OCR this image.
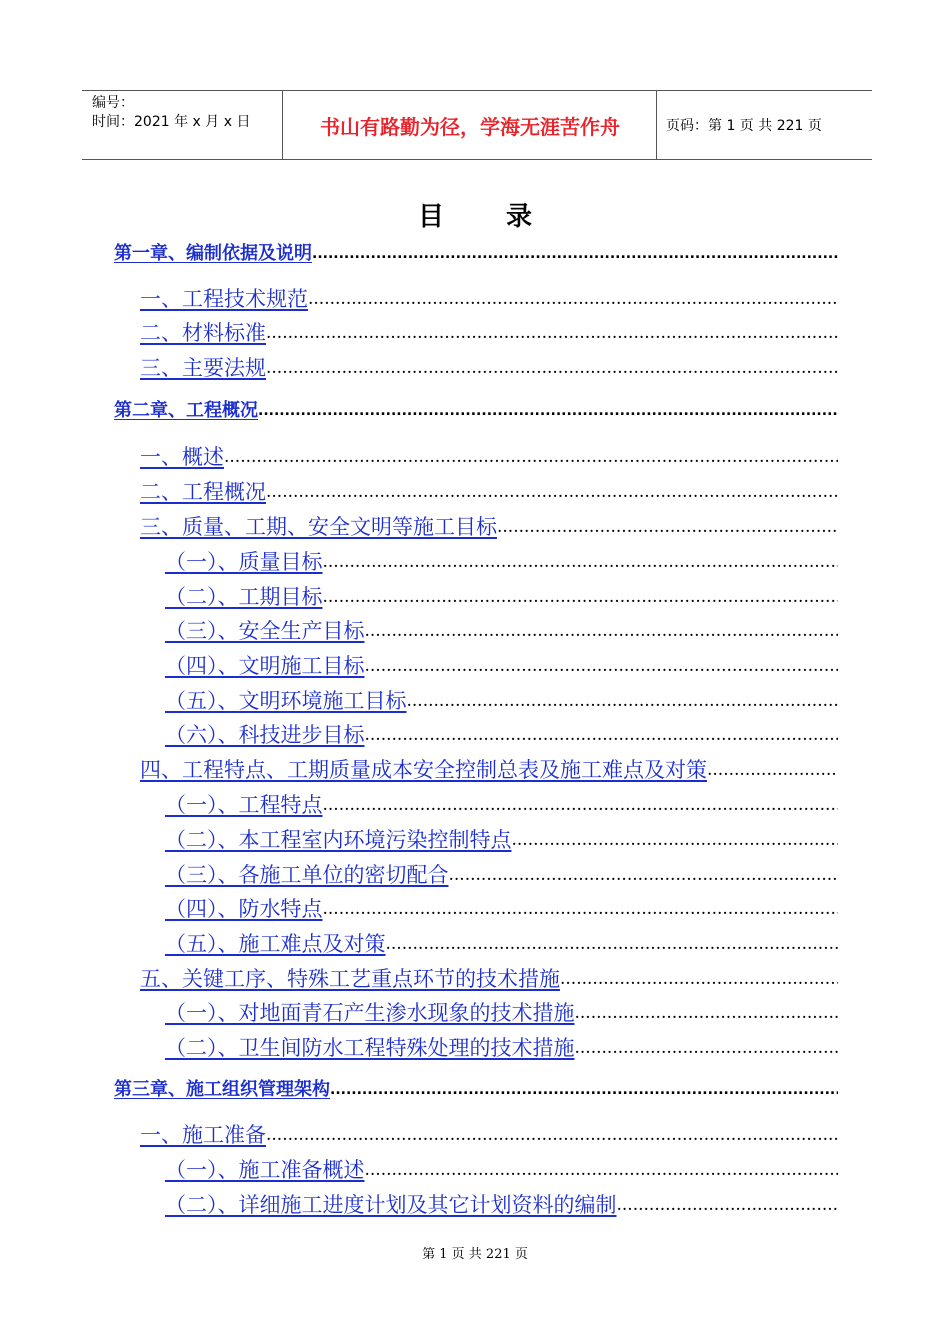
编号：
时间：2021 年 x 月 x 日	书山有路勤为径，学海无涯苦作舟	页码：第 1 页 共 221 页
目录
第一章、编制依据及说明
.....
一、工程技术规范
.....
二、材料标准
.....
三、主要法规
.....
第二章、工程概况
.....
一、概述
.....
二、工程概况
.....
三、质量、工期、安全文明等施工目标
.....
（一）、质量目标
.....
（二）、工期目标
.....
（三）、安全生产目标
.....
（四）、文明施工目标
.....
（五）、文明环境施工目标
.....
（六）、科技进步目标
.....
四、工程特点、工期质量成本安全控制总表及施工难点及对策
.....
（一）、工程特点
.....
（二）、本工程室内环境污染控制特点
.....
（三）、各施工单位的密切配合
.....
（四）、防水特点
.....
（五）、施工难点及对策
.....
五、关键工序、特殊工艺重点环节的技术措施
.....
（一）、对地面青石产生渗水现象的技术措施
.....
（二）、卫生间防水工程特殊处理的技术措施
.....
第三章、施工组织管理架构
.....
一、施工准备
.....
（一）、施工准备概述
.....
（二）、详细施工进度计划及其它计划资料的编制
.....
第 1 页 共 221 页
